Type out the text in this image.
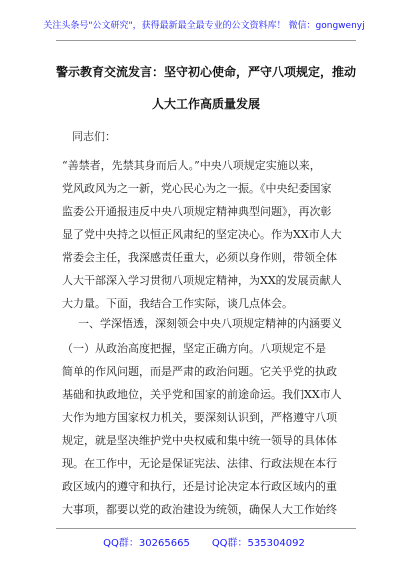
关注头条号"公文研究"，获得最新最全最专业的公文资料库！ 微信：gongwenyj
警示教育交流发言：坚守初心使命，严守八项规定，推动
人大工作高质量发展
同志们：
“善禁者，先禁其身而后人。”中央八项规定实施以来，
党风政风为之一新，党心民心为之一振。《中央纪委国家
监委公开通报违反中央八项规定精神典型问题》，再次彰
显了党中央持之以恒正风肃纪的坚定决心。作为XX市人大
常委会主任，我深感责任重大，必须以身作则，带领全体
人大干部深入学习贯彻八项规定精神，为XX的发展贡献人
大力量。下面，我结合工作实际，谈几点体会。
一、学深悟透，深刻领会中央八项规定精神的内涵要义
（一）从政治高度把握，坚定正确方向。八项规定不是
简单的作风问题，而是严肃的政治问题。它关乎党的执政
基础和执政地位，关乎党和国家的前途命运。我们XX市人
大作为地方国家权力机关，要深刻认识到，严格遵守八项
规定，就是坚决维护党中央权威和集中统一领导的具体体
现。在工作中，无论是保证宪法、法律、行政法规在本行
政区域内的遵守和执行，还是讨论决定本行政区域内的重
大事项，都要以党的政治建设为统领，确保人大工作始终
QQ群：30265665 QQ群：535304092
